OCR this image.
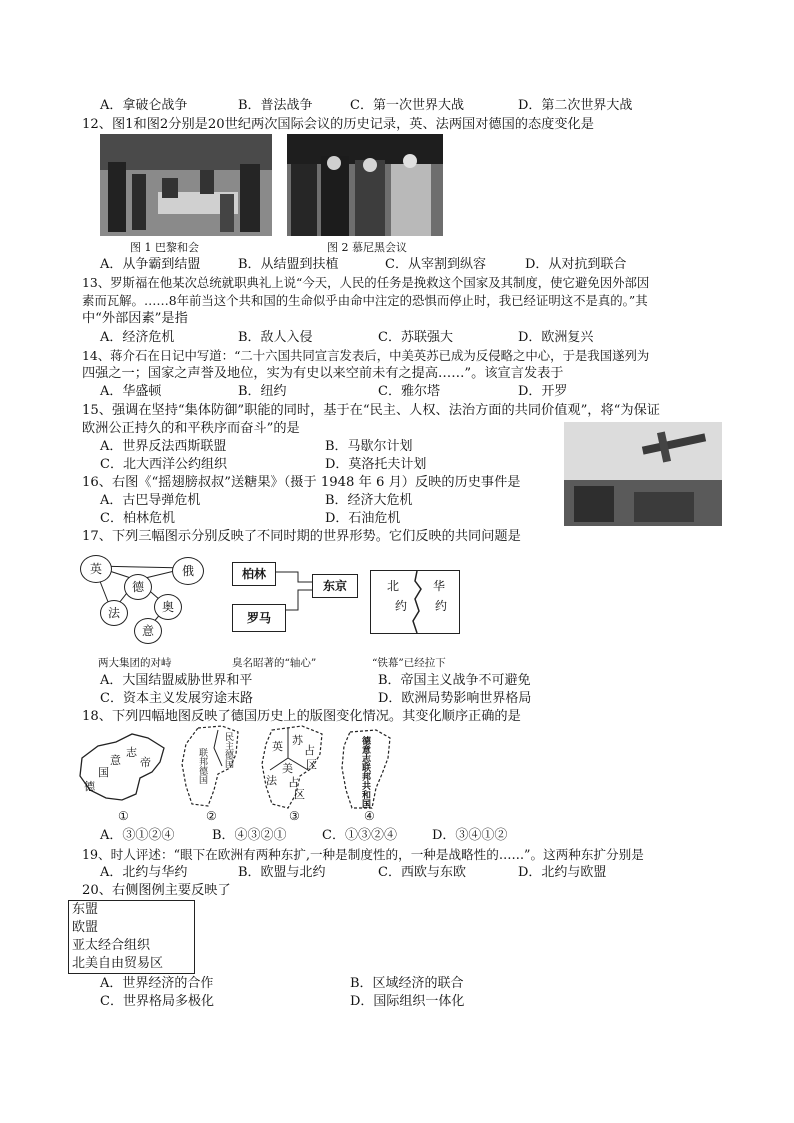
A．拿破仑战争	B．普法战争	C．第一次世界大战	D．第二次世界大战
12、图1和图2分别是20世纪两次国际会议的历史记录，英、法两国对德国的态度变化是
图 1 巴黎和会	图 2 慕尼黑会议
A．从争霸到结盟	B．从结盟到扶植	C．从宰割到纵容	D．从对抗到联合
13、罗斯福在他某次总统就职典礼上说“今天，人民的任务是挽救这个国家及其制度，使它避免因外部因
素而瓦解。……8年前当这个共和国的生命似乎由命中注定的恐惧而停止时，我已经证明这不是真的。”其
中“外部因素”是指
A．经济危机	B．敌人入侵	C．苏联强大	D．欧洲复兴
14、蒋介石在日记中写道：“二十六国共同宣言发表后，中美英苏已成为反侵略之中心，于是我国遂列为
四强之一；国家之声誉及地位，实为有史以来空前未有之提高……”。该宣言发表于
A．华盛顿	B．纽约	C．雅尔塔	D．开罗
15、强调在坚持“集体防御”职能的同时，基于在“民主、人权、法治方面的共同价值观”，将“为保证
欧洲公正持久的和平秩序而奋斗”的是
A．世界反法西斯联盟	B．马歇尔计划
C．北大西洋公约组织	D．莫洛托夫计划
16、右图《“摇翅膀叔叔”送糖果》（摄于 1948 年 6 月）反映的历史事件是
A．古巴导弹危机	B．经济大危机
C．柏林危机	D．石油危机
17、下列三幅图示分别反映了不同时期的世界形势。它们反映的共同问题是
英	俄
德
法	奥
意
两大集团的对峙
柏林
东京
罗马
臭名昭著的“轴心”
北	华
约 约
“铁幕”已经拉下
A．大国结盟威胁世界和平	B．帝国主义战争不可避免
C．资本主义发展穷途末路	D．欧洲局势影响世界格局
18、下列四幅地图反映了德国历史上的版图变化情况。其变化顺序正确的是
意
志
帝
国
德
民主德国
联邦德国
英 苏
占
区
美
法 占
区	德意志联邦共和国
①	②	③	④
A．③①②④	B．④③②①	C．①③②④	D．③④①②
19、时人评述：“眼下在欧洲有两种东扩,一种是制度性的，一种是战略性的……”。这两种东扩分别是
A．北约与华约	B．欧盟与北约	C．西欧与东欧	D．北约与欧盟
20、右侧图例主要反映了
东盟
欧盟
亚太经合组织
北美自由贸易区
A．世界经济的合作	B．区域经济的联合
C．世界格局多极化	D．国际组织一体化
